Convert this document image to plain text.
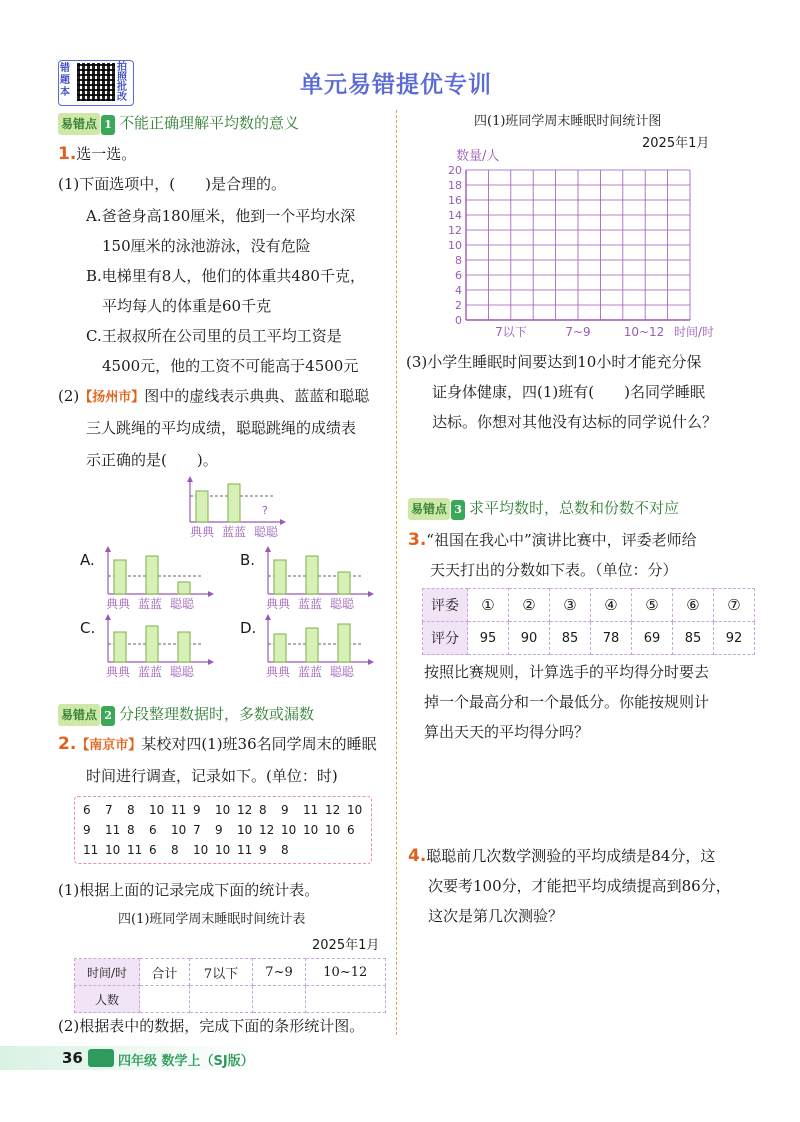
错题本
拍照批改	单元易错提优专训
易错点 1 不能正确理解平均数的意义
1.选一选。
(1)下面选项中，(　　)是合理的。
A.爸爸身高180厘米，他到一个平均水深
150厘米的泳池游泳，没有危险
B.电梯里有8人，他们的体重共480千克，
平均每人的体重是60千克
C.王叔叔所在公司里的员工平均工资是
4500元，他的工资不可能高于4500元
(2)【扬州市】图中的虚线表示典典、蓝蓝和聪聪
三人跳绳的平均成绩，聪聪跳绳的成绩表
示正确的是(　　)。
?
典典 蓝蓝 聪聪
A.
典典 蓝蓝 聪聪
B.
典典 蓝蓝 聪聪
C.
典典 蓝蓝 聪聪
D.
典典 蓝蓝 聪聪
易错点 2 分段整理数据时，多数或漏数
2.【南京市】某校对四(1)班36名同学周末的睡眠
时间进行调查，记录如下。(单位：时)
6	7	8	10 11 9	10 12 8	9	11 12 10
9	11 8	6	10 7	9	10 12 10 10 10 6
11 10 11 6	8	10 10 11 9	8
(1)根据上面的记录完成下面的统计表。
四(1)班同学周末睡眠时间统计表
2025年1月
时间/时	合计	7以下	7~9	10~12
人数				
(2)根据表中的数据，完成下面的条形统计图。
36	四年级 数学上（SJ版）
四(1)班同学周末睡眠时间统计图
2025年1月
数量/人
0
2
4
6
8
10
12
14
16
18
20
7以下	7~9	10~12 时间/时
(3)小学生睡眠时间要达到10小时才能充分保
证身体健康，四(1)班有(　　)名同学睡眠
达标。你想对其他没有达标的同学说什么？
易错点 3 求平均数时，总数和份数不对应
3.“祖国在我心中”演讲比赛中，评委老师给
天天打出的分数如下表。（单位：分）
评委	①	②	③	④	⑤	⑥	⑦
评分	95	90	85	78	69	85	92
按照比赛规则，计算选手的平均得分时要去
掉一个最高分和一个最低分。你能按规则计
算出天天的平均得分吗？
4.聪聪前几次数学测验的平均成绩是84分，这
次要考100分，才能把平均成绩提高到86分，
这次是第几次测验？
